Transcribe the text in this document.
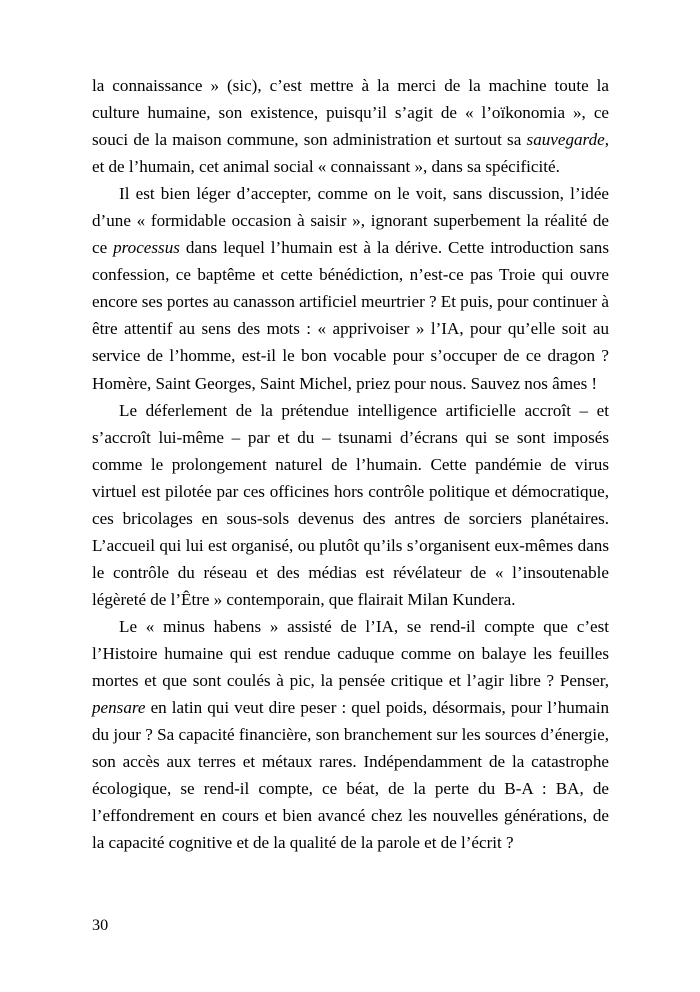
la connaissance » (sic), c’est mettre à la merci de la machine toute la culture humaine, son existence, puisqu’il s’agit de « l’oïkonomia », ce souci de la maison commune, son administration et surtout sa sauvegarde, et de l’humain, cet animal social « connaissant », dans sa spécificité.

Il est bien léger d’accepter, comme on le voit, sans discussion, l’idée d’une « formidable occasion à saisir », ignorant superbement la réalité de ce processus dans lequel l’humain est à la dérive. Cette introduction sans confession, ce baptême et cette bénédiction, n’est-ce pas Troie qui ouvre encore ses portes au canasson artificiel meurtrier ? Et puis, pour continuer à être attentif au sens des mots : « apprivoiser » l’IA, pour qu’elle soit au service de l’homme, est-il le bon vocable pour s’occuper de ce dragon ? Homère, Saint Georges, Saint Michel, priez pour nous. Sauvez nos âmes !

Le déferlement de la prétendue intelligence artificielle accroît – et s’accroît lui-même – par et du – tsunami d’écrans qui se sont imposés comme le prolongement naturel de l’humain. Cette pandémie de virus virtuel est pilotée par ces officines hors contrôle politique et démocratique, ces bricolages en sous-sols devenus des antres de sorciers planétaires. L’accueil qui lui est organisé, ou plutôt qu’ils s’organisent eux-mêmes dans le contrôle du réseau et des médias est révélateur de « l’insoutenable légèreté de l’Être » contemporain, que flairait Milan Kundera.

Le « minus habens » assisté de l’IA, se rend-il compte que c’est l’Histoire humaine qui est rendue caduque comme on balaye les feuilles mortes et que sont coulés à pic, la pensée critique et l’agir libre ? Penser, pensare en latin qui veut dire peser : quel poids, désormais, pour l’humain du jour ? Sa capacité financière, son branchement sur les sources d’énergie, son accès aux terres et métaux rares. Indépendamment de la catastrophe écologique, se rend-il compte, ce béat, de la perte du B-A : BA, de l’effondrement en cours et bien avancé chez les nouvelles générations, de la capacité cognitive et de la qualité de la parole et de l’écrit ?

30
